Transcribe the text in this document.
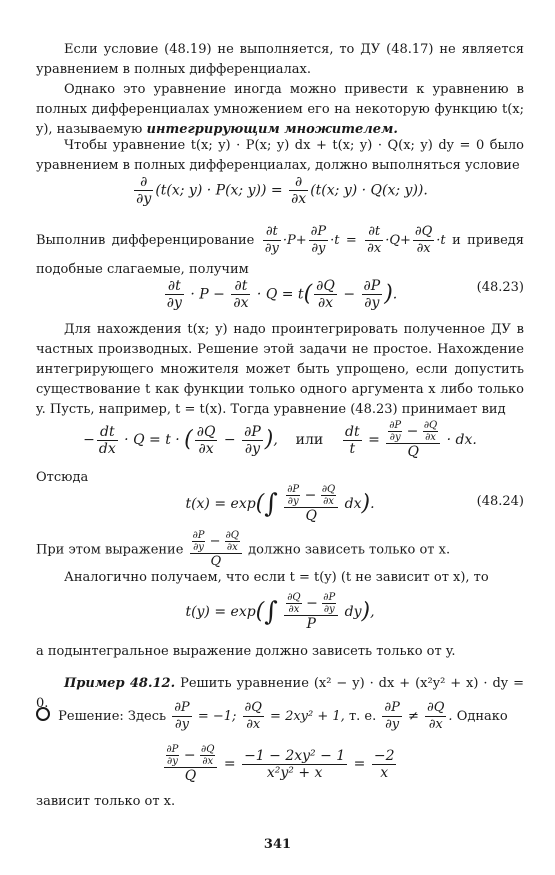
Если условие (48.19) не выполняется, то ДУ (48.17) не является уравнением в полных дифференциалах.

Однако это уравнение иногда можно привести к уравнению в полных дифференциалах умножением его на некоторую функцию t(x; y), называемую интегрирующим множителем.

Чтобы уравнение t(x; y) · P(x; y) dx + t(x; y) · Q(x; y) dy = 0 было уравнением в полных дифференциалах, должно выполняться условие

$\frac{\partial}{\partial y} (t(x$; y) · P(x; $y)) = \frac{\partial}{\partial x} (t(x$; y) · Q(x; y)).

Выполнив дифференцирование $\frac{\partial t}{\partial y} \cdot P+ \frac{\partial P}{\partial y} \cdot t = \frac{\partial t}{\partial x} \cdot Q+ \frac{\partial Q}{\partial x} \cdot t$ и приведя подобные слагаемые, получим

$\frac{\partial t}{\partial y} \cdot P - \frac{\partial t}{\partial x} \cdot Q = t( \frac{\partial Q}{\partial x} - \frac{\partial P}{\partial y}$ ).	(48.23)

Для нахождения t(x; y) надо проинтегрировать полученное ДУ в частных производных. Решение этой задачи не простое. Нахождение интегрирующего множителя может быть упрощено, если допустить существование t как функции только одного аргумента x либо только y. Пусть, например, t = t(x). Тогда уравнение (48.23) принимает вид

− $\frac{dt}{dx} \cdot Q = t$ · ( $\frac{\partial Q}{\partial x} - \frac{\partial P}{\partial y}$ ),    или $\frac{dt}{t} = \frac{\frac{\partial P}{\partial y} - \frac{\partial Q}{\partial x}}{Q}$ · dx.

Отсюда

$t(x) = \exp(\int \frac{\frac{\partial P}{\partial y} - \frac{\partial Q}{\partial x}}{Q} dx)$.	(48.24)

При этом выражение $\frac{\frac{\partial P}{\partial y} - \frac{\partial Q}{\partial x}}{Q}$ должно зависеть только от x.

Аналогично получаем, что если t = t(y) (t не зависит от x), то

$t(y) = \exp(\int \frac{\frac{\partial Q}{\partial x} - \frac{\partial P}{\partial y}}{P} dy)$,

а подынтегральное выражение должно зависеть только от y.

Пример 48.12. Решить уравнение (x² − y) · dx + (x²y² + x) · dy = 0.

Решение: Здесь $\frac{\partial P}{\partial y} = -1$; $\frac{\partial Q}{\partial x} = 2xy^2 + 1$, т. е. $\frac{\partial P}{\partial y} \ne \frac{\partial Q}{\partial x}$ . Однако

$\frac{\frac{\partial P}{\partial y} - \frac{\partial Q}{\partial x}}{Q} = \frac{\text{−1 − 2xy² − 1}}{\text{x²y² + x}} = \frac{-2}{x}$

зависит только от x.

341
